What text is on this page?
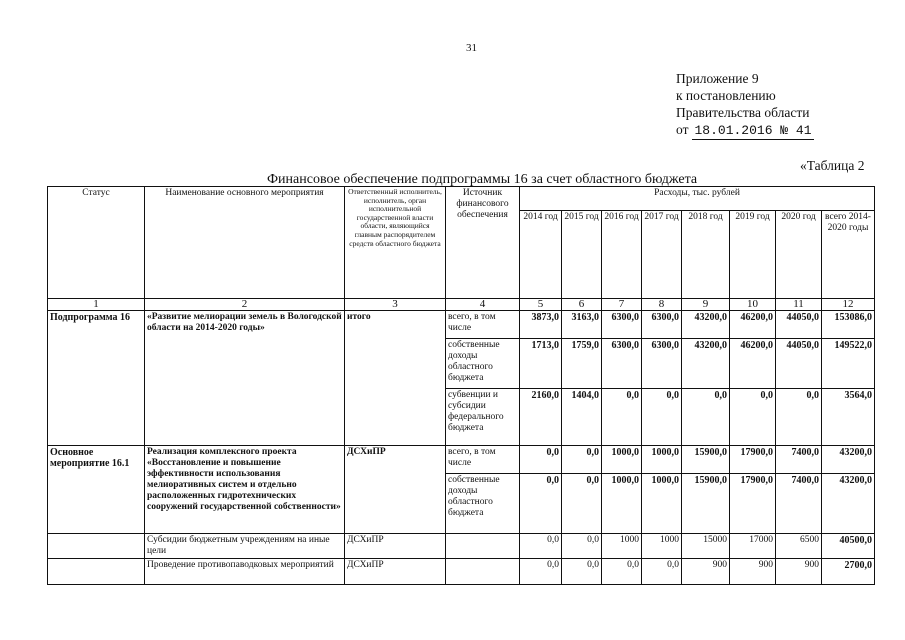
31
Приложение 9
к постановлению
Правительства области
от 18.01.2016 № 41
«Таблица 2
Финансовое обеспечение подпрограммы 16 за счет областного бюджета
Статус	Наименование основного мероприятия	Ответственный исполнитель, исполнитель, орган исполнительной государственной власти области, являющийся главным распорядителем средств областного бюджета	Источник финансового обеспечения	Расходы, тыс. рублей							
				2014 год	2015 год	2016 год	2017 год	2018 год	2019 год	2020 год	всего 2014-2020 годы
1	2	3	4	5	6	7	8	9	10	11	12
Подпрограмма 16	«Развитие мелиорации земель в Вологодской области на 2014-2020 годы»	итого	всего, в том числе	3873,0	3163,0	6300,0	6300,0	43200,0	46200,0	44050,0	153086,0
			собственные доходы областного бюджета	1713,0	1759,0	6300,0	6300,0	43200,0	46200,0	44050,0	149522,0
			субвенции и субсидии федерального бюджета	2160,0	1404,0	0,0	0,0	0,0	0,0	0,0	3564,0
Основное мероприятие 16.1	Реализация комплексного проекта «Восстановление и повышение эффективности использования мелиоративных систем и отдельно расположенных гидротехнических сооружений государственной собственности»	ДСХиПР	всего, в том числе	0,0	0,0	1000,0	1000,0	15900,0	17900,0	7400,0	43200,0
			собственные доходы областного бюджета	0,0	0,0	1000,0	1000,0	15900,0	17900,0	7400,0	43200,0
	Субсидии бюджетным учреждениям на иные цели	ДСХиПР		0,0	0,0	1000	1000	15000	17000	6500	40500,0
	Проведение противопаводковых мероприятий	ДСХиПР		0,0	0,0	0,0	0,0	900	900	900	2700,0
